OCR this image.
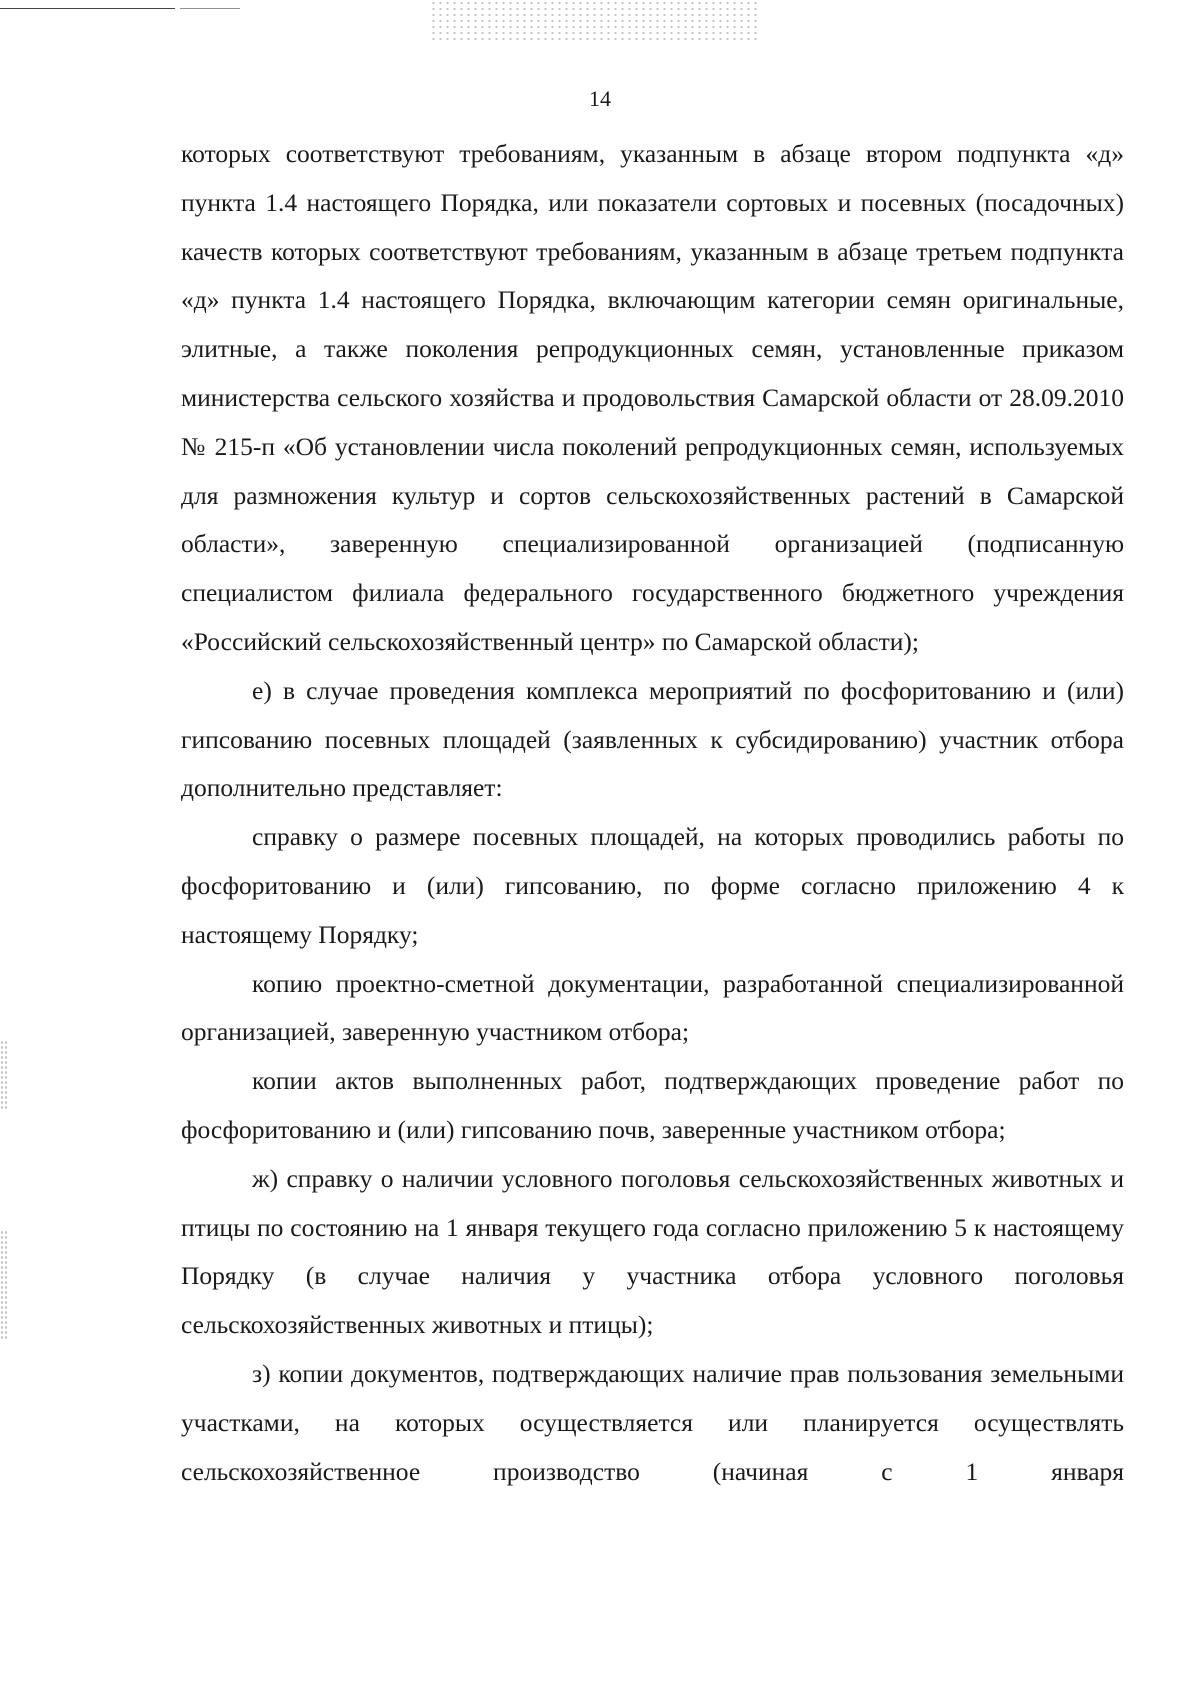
14

которых соответствуют требованиям, указанным в абзаце втором подпункта «д» пункта 1.4 настоящего Порядка, или показатели сортовых и посевных (посадочных) качеств которых соответствуют требованиям, указанным в абзаце третьем подпункта «д» пункта 1.4 настоящего Порядка, включающим категории семян оригинальные, элитные, а также поколения репродукционных семян, установленные приказом министерства сельского хозяйства и продовольствия Самарской области от 28.09.2010 № 215-п «Об установлении числа поколений репродукционных семян, используемых для размножения культур и сортов сельскохозяйственных растений в Самарской области», заверенную специализированной организацией (подписанную специалистом филиала федерального государственного бюджетного учреждения «Российский сельскохозяйственный центр» по Самарской области);

е) в случае проведения комплекса мероприятий по фосфоритованию и (или) гипсованию посевных площадей (заявленных к субсидированию) участник отбора дополнительно представляет:

справку о размере посевных площадей, на которых проводились работы по фосфоритованию и (или) гипсованию, по форме согласно приложению 4 к настоящему Порядку;

копию проектно-сметной документации, разработанной специализированной организацией, заверенную участником отбора;

копии актов выполненных работ, подтверждающих проведение работ по фосфоритованию и (или) гипсованию почв, заверенные участником отбора;

ж) справку о наличии условного поголовья сельскохозяйственных животных и птицы по состоянию на 1 января текущего года согласно приложению 5 к настоящему Порядку (в случае наличия у участника отбора условного поголовья сельскохозяйственных животных и птицы);

з) копии документов, подтверждающих наличие прав пользования земельными участками, на которых осуществляется или планируется осуществлять сельскохозяйственное производство (начиная с 1 января
